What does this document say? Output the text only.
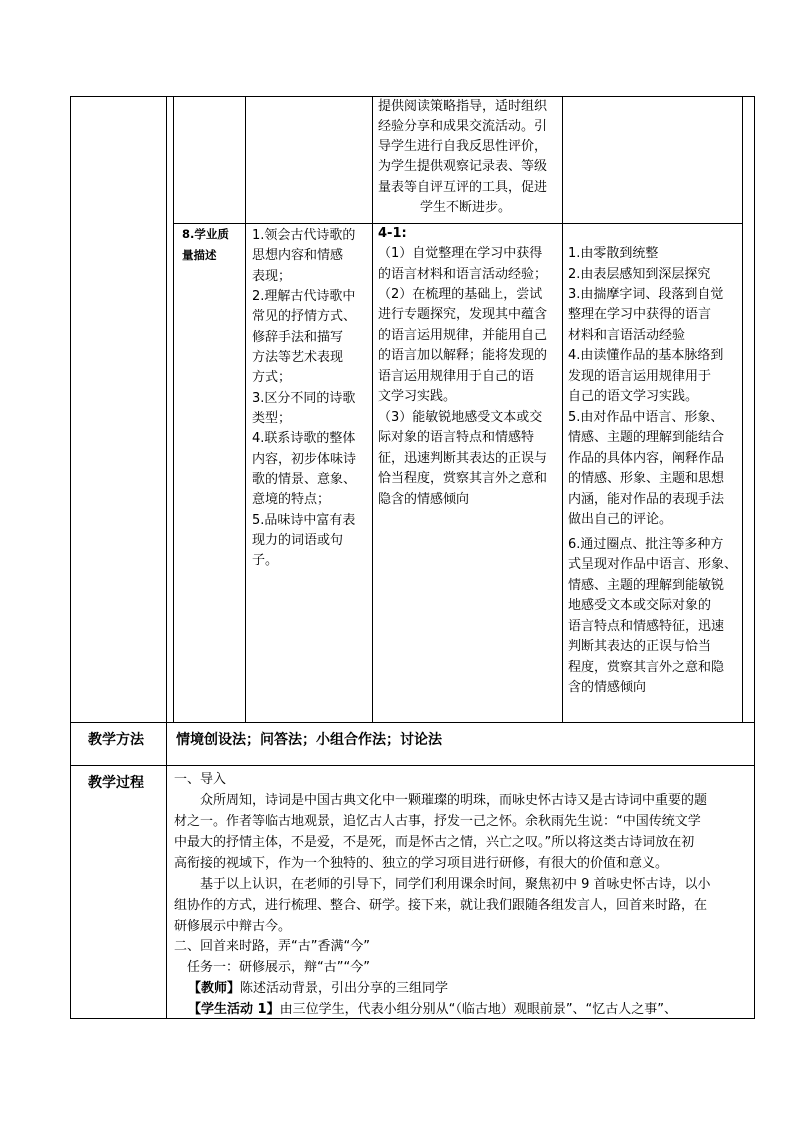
提供阅读策略指导，适时组织
经验分享和成果交流活动。引
导学生进行自我反思性评价，
为学生提供观察记录表、等级
量表等自评互评的工具，促进
学生不断进步。
8.学业质
量描述
1.领会古代诗歌的
思想内容和情感
表现；
2.理解古代诗歌中
常见的抒情方式、
修辞手法和描写
方法等艺术表现
方式；
3.区分不同的诗歌
类型；
4.联系诗歌的整体
内容，初步体味诗
歌的情景、意象、
意境的特点；
5.品味诗中富有表
现力的词语或句
子。
4-1:
（1）自觉整理在学习中获得
的语言材料和语言活动经验；
（2）在梳理的基础上，尝试
进行专题探究，发现其中蕴含
的语言运用规律，并能用自己
的语言加以解释；能将发现的
语言运用规律用于自己的语
文学习实践。
（3）能敏锐地感受文本或交
际对象的语言特点和情感特
征，迅速判断其表达的正误与
恰当程度，赏察其言外之意和
隐含的情感倾向
1.由零散到统整
2.由表层感知到深层探究
3.由揣摩字词、段落到自觉
整理在学习中获得的语言
材料和言语活动经验
4.由读懂作品的基本脉络到
发现的语言运用规律用于
自己的语文学习实践。
5.由对作品中语言、形象、
情感、主题的理解到能结合
作品的具体内容，阐释作品
的情感、形象、主题和思想
内涵，能对作品的表现手法
做出自己的评论。
6.通过圈点、批注等多种方
式呈现对作品中语言、形象、
情感、主题的理解到能敏锐
地感受文本或交际对象的
语言特点和情感特征，迅速
判断其表达的正误与恰当
程度，赏察其言外之意和隐
含的情感倾向
教学方法 情境创设法；问答法；小组合作法；讨论法
教学过程 一、导入
　　众所周知，诗词是中国古典文化中一颗璀璨的明珠，而咏史怀古诗又是古诗词中重要的题
材之一。作者等临古地观景，追忆古人古事，抒发一己之怀。余秋雨先生说：“中国传统文学
中最大的抒情主体，不是爱，不是死，而是怀古之情，兴亡之叹。”所以将这类古诗词放在初
高衔接的视域下，作为一个独特的、独立的学习项目进行研修，有很大的价值和意义。
　　基于以上认识，在老师的引导下，同学们利用课余时间，聚焦初中 9 首咏史怀古诗，以小
组协作的方式，进行梳理、整合、研学。接下来，就让我们跟随各组发言人，回首来时路，在
研修展示中辩古今。
二、回首来时路，弄“古”香满“今”
　任务一：研修展示，辩“古”“今”
【教师】陈述活动背景，引出分享的三组同学
【学生活动 1】由三位学生，代表小组分别从“（临古地）观眼前景”、“忆古人之事”、
